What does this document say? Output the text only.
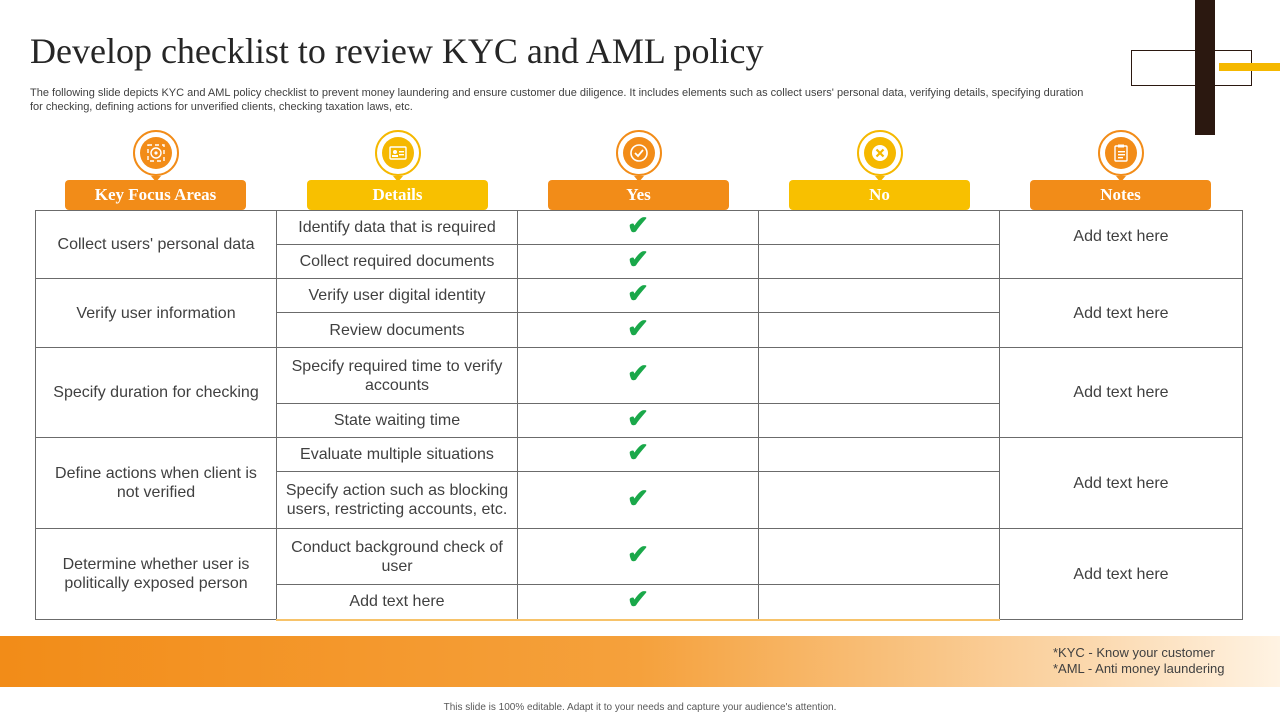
Develop checklist to review KYC and AML policy
The following slide depicts KYC and AML policy checklist to prevent money laundering and ensure customer due diligence. It includes elements such as collect users' personal data, verifying details, specifying duration for checking, defining actions for unverified clients, checking taxation laws, etc.
Key Focus Areas	Details	Yes	No	Notes
Collect users' personal data	Identify data that is required	✔		Add text here
	Collect required documents	✔		
Verify user information	Verify user digital identity	✔		Add text here
	Review documents	✔		
Specify duration for checking	Specify required time to verify accounts	✔		Add text here
	State waiting time	✔		
Define actions when client is not verified	Evaluate multiple situations	✔		Add text here
	Specify action such as blocking users, restricting accounts, etc.	✔		
Determine whether user is politically exposed person	Conduct background check of user	✔		Add text here
	Add text here	✔		
*KYC - Know your customer
*AML - Anti money laundering
This slide is 100% editable. Adapt it to your needs and capture your audience's attention.
